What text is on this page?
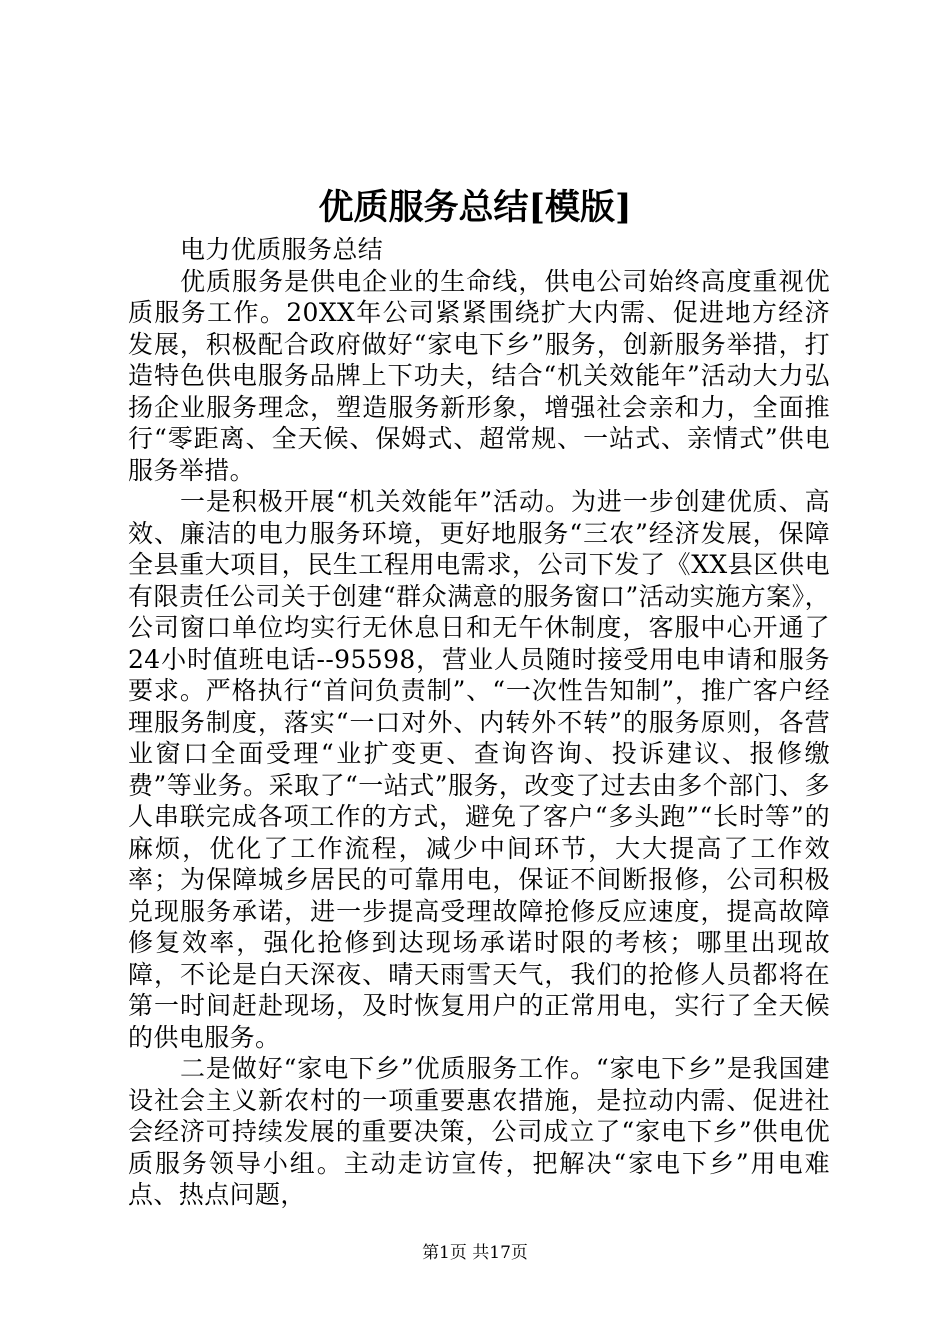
优质服务总结[模版]

电力优质服务总结

优质服务是供电企业的生命线，供电公司始终高度重视优质服务工作。20XX年公司紧紧围绕扩大内需、促进地方经济发展，积极配合政府做好“家电下乡”服务，创新服务举措，打造特色供电服务品牌上下功夫，结合“机关效能年”活动大力弘扬企业服务理念，塑造服务新形象，增强社会亲和力，全面推行“零距离、全天候、保姆式、超常规、一站式、亲情式”供电服务举措。

一是积极开展“机关效能年”活动。为进一步创建优质、高效、廉洁的电力服务环境，更好地服务“三农”经济发展，保障全县重大项目，民生工程用电需求，公司下发了《XX县区供电有限责任公司关于创建“群众满意的服务窗口”活动实施方案》，公司窗口单位均实行无休息日和无午休制度，客服中心开通了24小时值班电话--95598，营业人员随时接受用电申请和服务要求。严格执行“首问负责制”、“一次性告知制”，推广客户经理服务制度，落实“一口对外、内转外不转”的服务原则，各营业窗口全面受理“业扩变更、查询咨询、投诉建议、报修缴费”等业务。采取了“一站式”服务，改变了过去由多个部门、多人串联完成各项工作的方式，避免了客户“多头跑”“长时等”的麻烦，优化了工作流程，减少中间环节，大大提高了工作效率；为保障城乡居民的可靠用电，保证不间断报修，公司积极兑现服务承诺，进一步提高受理故障抢修反应速度，提高故障修复效率，强化抢修到达现场承诺时限的考核；哪里出现故障，不论是白天深夜、晴天雨雪天气，我们的抢修人员都将在第一时间赶赴现场，及时恢复用户的正常用电，实行了全天候的供电服务。

二是做好“家电下乡”优质服务工作。“家电下乡”是我国建设社会主义新农村的一项重要惠农措施，是拉动内需、促进社会经济可持续发展的重要决策，公司成立了“家电下乡”供电优质服务领导小组。主动走访宣传，把解决“家电下乡”用电难点、热点问题，

第1页 共17页
